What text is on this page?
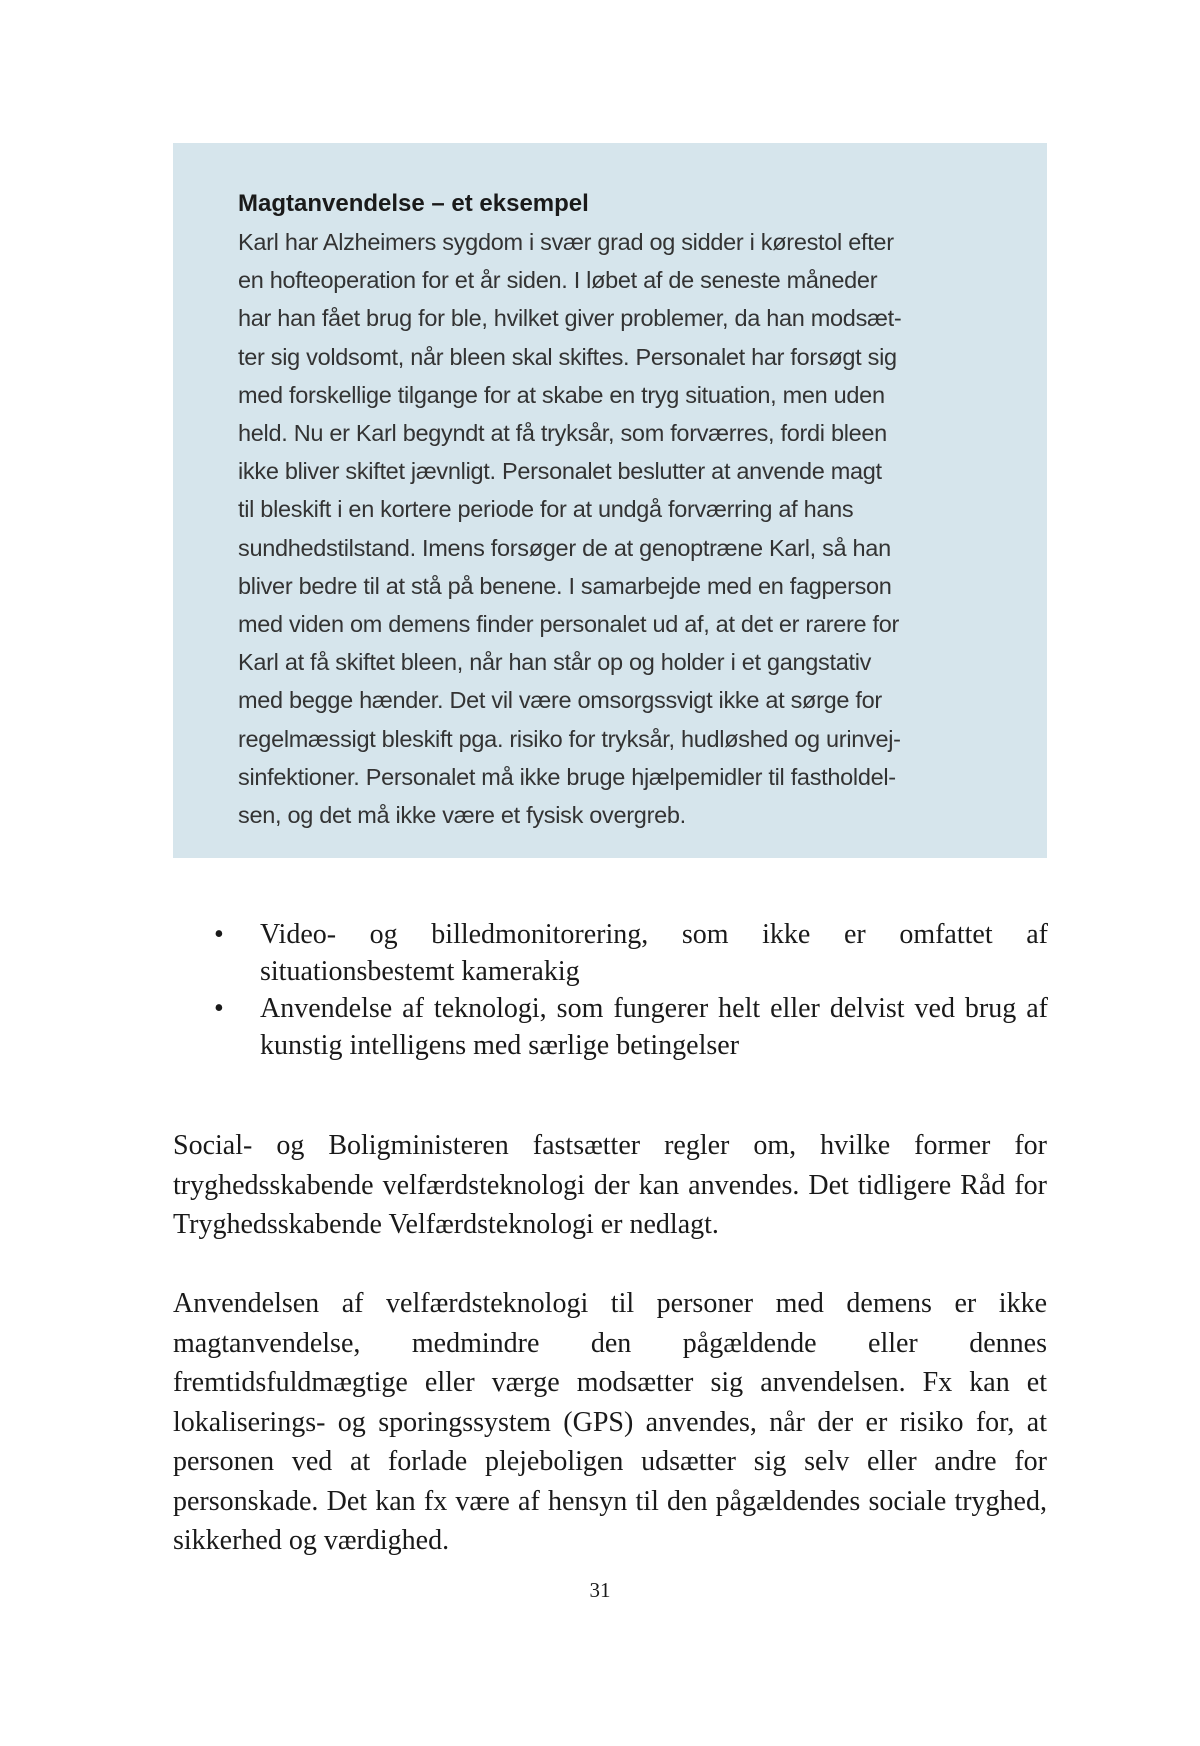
Magtanvendelse – et eksempel

Karl har Alzheimers sygdom i svær grad og sidder i kørestol efter
en hofteoperation for et år siden. I løbet af de seneste måneder
har han fået brug for ble, hvilket giver problemer, da han modsæt-
ter sig voldsomt, når bleen skal skiftes. Personalet har forsøgt sig
med forskellige tilgange for at skabe en tryg situation, men uden
held. Nu er Karl begyndt at få tryksår, som forværres, fordi bleen
ikke bliver skiftet jævnligt. Personalet beslutter at anvende magt
til bleskift i en kortere periode for at undgå forværring af hans
sundhedstilstand. Imens forsøger de at genoptræne Karl, så han
bliver bedre til at stå på benene. I samarbejde med en fagperson
med viden om demens finder personalet ud af, at det er rarere for
Karl at få skiftet bleen, når han står op og holder i et gangstativ
med begge hænder. Det vil være omsorgssvigt ikke at sørge for
regelmæssigt bleskift pga. risiko for tryksår, hudløshed og urinvej-
sinfektioner. Personalet må ikke bruge hjælpemidler til fastholdel-
sen, og det må ikke være et fysisk overgreb.

• Video- og billedmonitorering, som ikke er omfattet af situationsbestemt kamerakig
• Anvendelse af teknologi, som fungerer helt eller delvist ved brug af kunstig intelligens med særlige betingelser

Social- og Boligministeren fastsætter regler om, hvilke former for tryghedsskabende velfærdsteknologi der kan anvendes. Det tidligere Råd for Tryghedsskabende Velfærdsteknologi er nedlagt.

Anvendelsen af velfærdsteknologi til personer med demens er ikke magtanvendelse, medmindre den pågældende eller dennes fremtidsfuldmægtige eller værge modsætter sig anvendelsen. Fx kan et lokaliserings- og sporingssystem (GPS) anvendes, når der er risiko for, at personen ved at forlade plejeboligen udsætter sig selv eller andre for personskade. Det kan fx være af hensyn til den pågældendes sociale tryghed, sikkerhed og værdighed.

31
